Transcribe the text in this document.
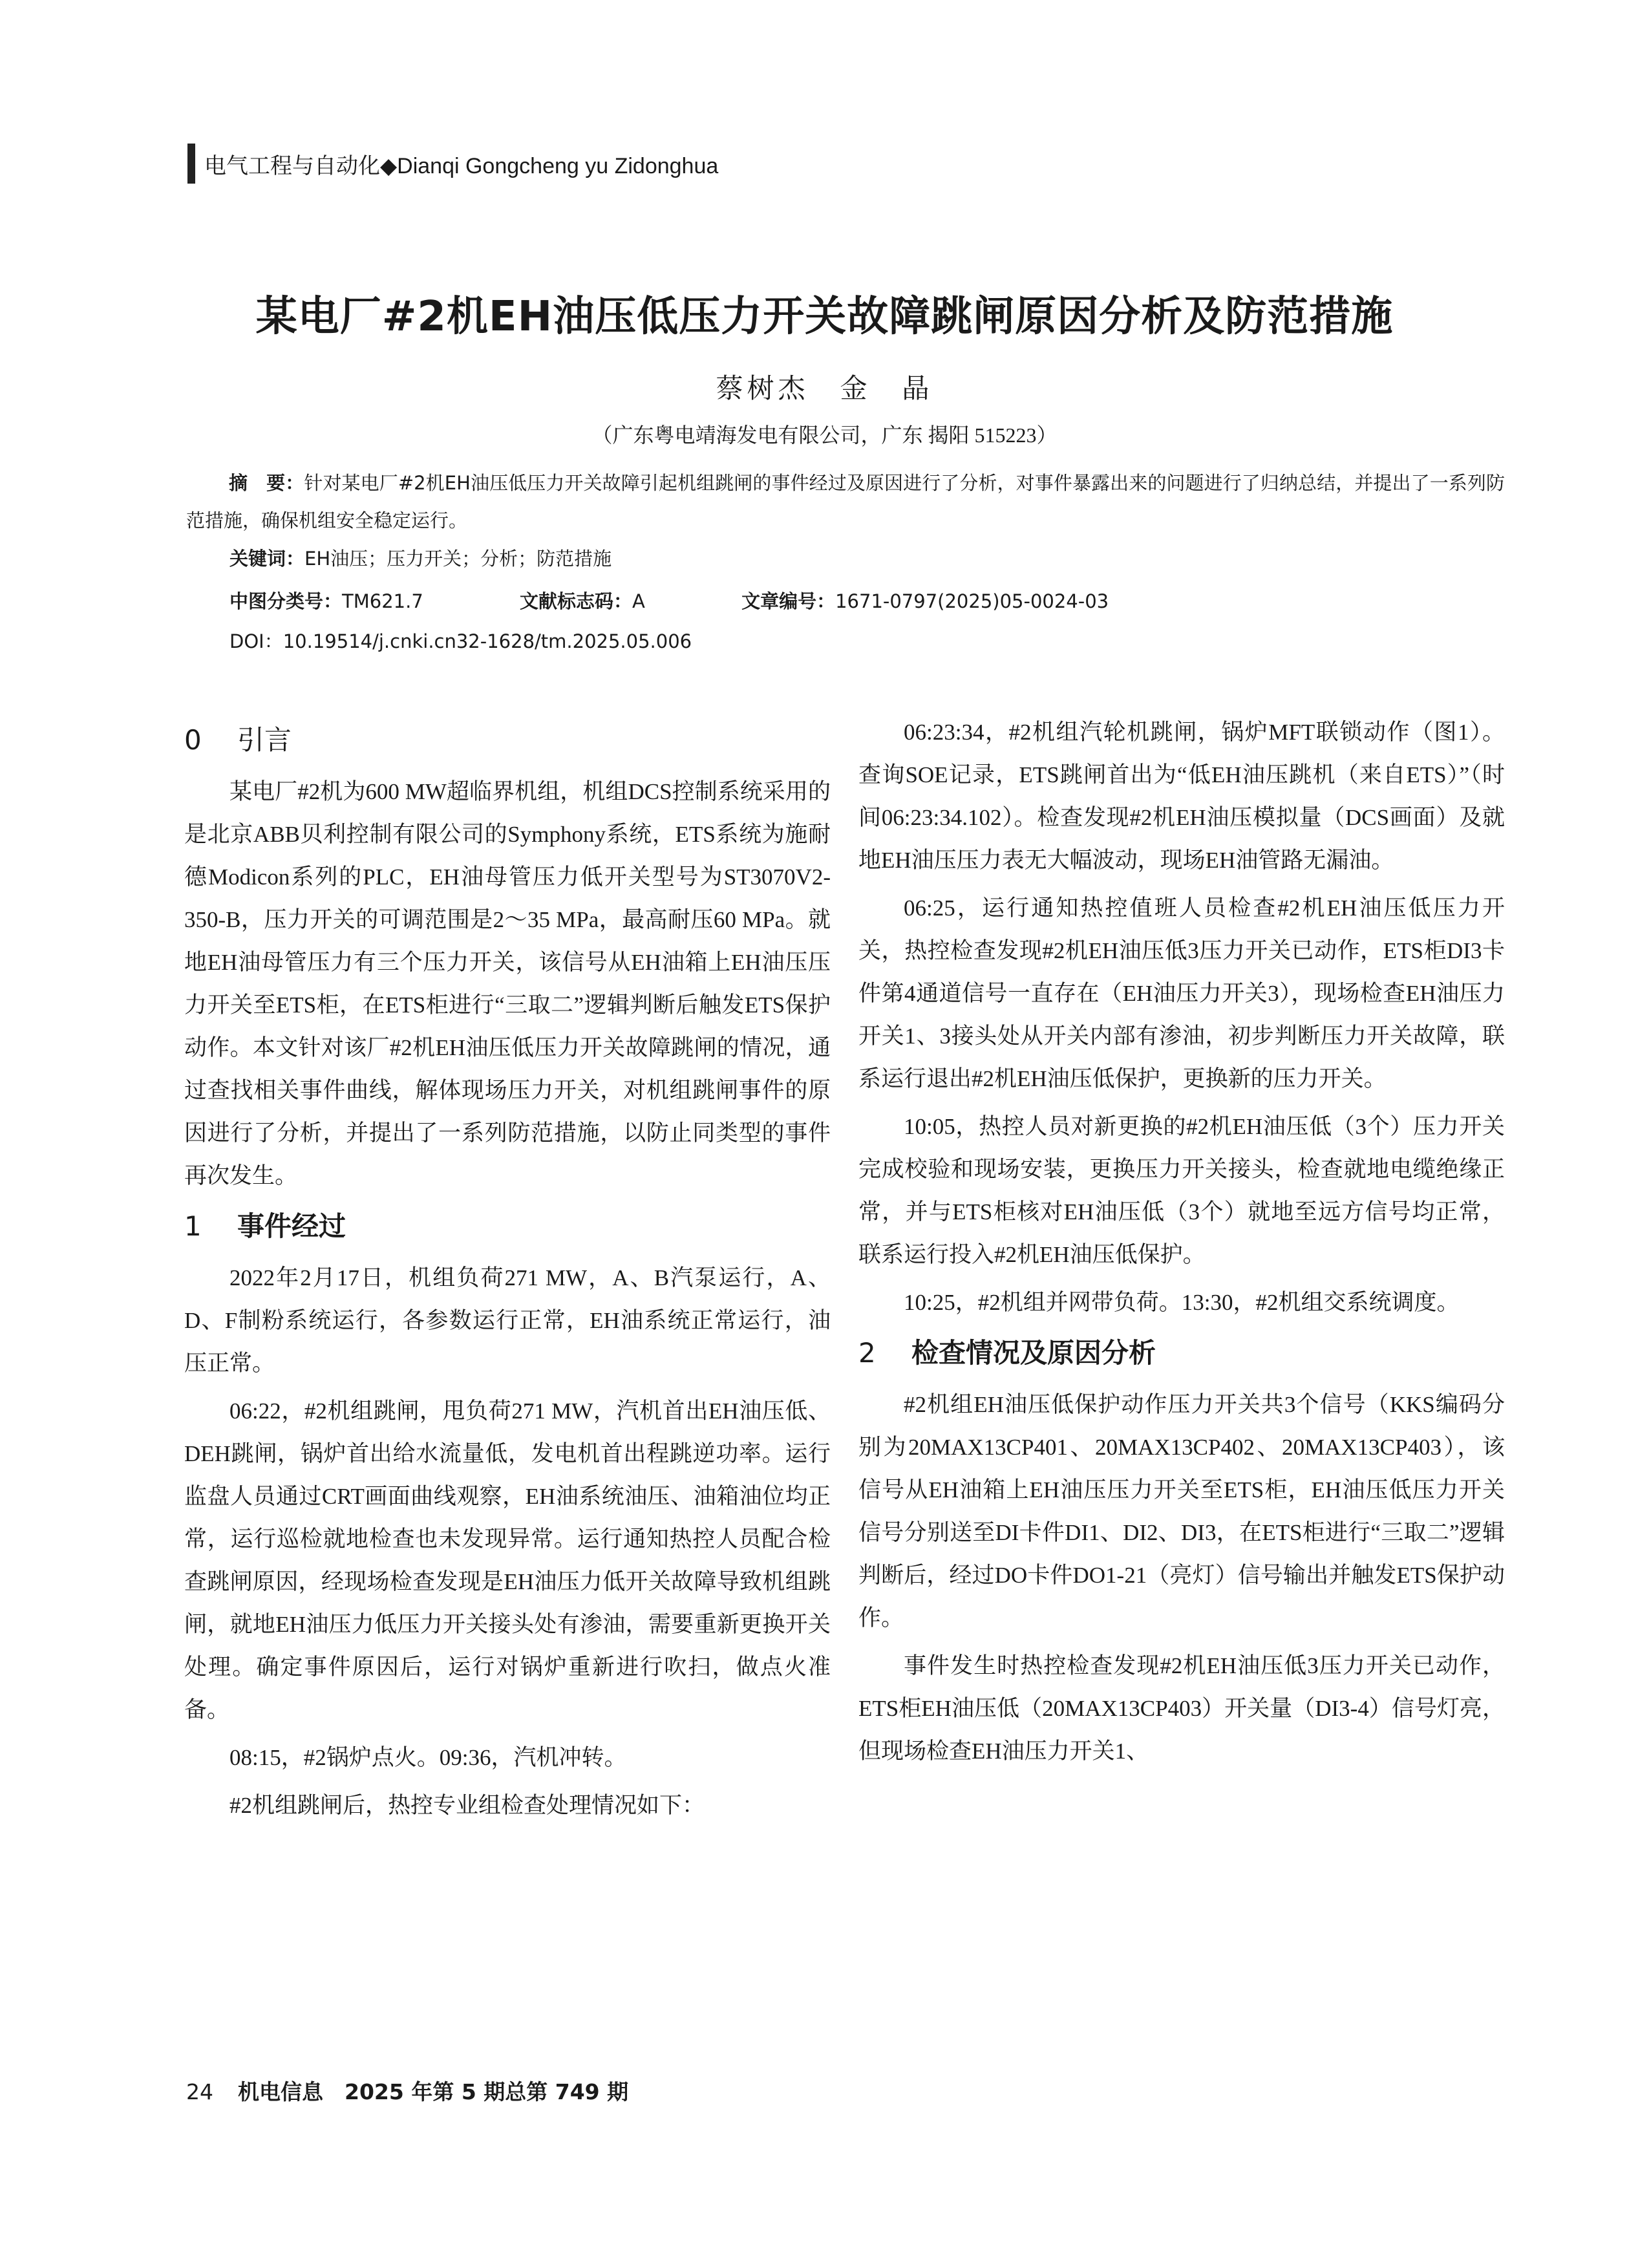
电气工程与自动化◆Dianqi Gongcheng yu Zidonghua
某电厂#2机EH油压低压力开关故障跳闸原因分析及防范措施
蔡树杰　金　晶
（广东粤电靖海发电有限公司，广东 揭阳 515223）
摘　要：针对某电厂#2机EH油压低压力开关故障引起机组跳闸的事件经过及原因进行了分析，对事件暴露出来的问题进行了归纳总结，并提出了一系列防范措施，确保机组安全稳定运行。
关键词：EH油压；压力开关；分析；防范措施
中图分类号：TM621.7	文献标志码：A	文章编号：1671-0797(2025)05-0024-03
DOI：10.19514/j.cnki.cn32-1628/tm.2025.05.006
0 引言

某电厂#2机为600 MW超临界机组，机组DCS控制系统采用的是北京ABB贝利控制有限公司的Symphony系统，ETS系统为施耐德Modicon系列的PLC，EH油母管压力低开关型号为ST3070V2-350-B，压力开关的可调范围是2～35 MPa，最高耐压60 MPa。就地EH油母管压力有三个压力开关，该信号从EH油箱上EH油压压力开关至ETS柜，在ETS柜进行“三取二”逻辑判断后触发ETS保护动作。本文针对该厂#2机EH油压低压力开关故障跳闸的情况，通过查找相关事件曲线，解体现场压力开关，对机组跳闸事件的原因进行了分析，并提出了一系列防范措施，以防止同类型的事件再次发生。

1 事件经过

2022年2月17日，机组负荷271 MW，A、B汽泵运行，A、D、F制粉系统运行，各参数运行正常，EH油系统正常运行，油压正常。

06:22，#2机组跳闸，甩负荷271 MW，汽机首出EH油压低、DEH跳闸，锅炉首出给水流量低，发电机首出程跳逆功率。运行监盘人员通过CRT画面曲线观察，EH油系统油压、油箱油位均正常，运行巡检就地检查也未发现异常。运行通知热控人员配合检查跳闸原因，经现场检查发现是EH油压力低开关故障导致机组跳闸，就地EH油压力低压力开关接头处有渗油，需要重新更换开关处理。确定事件原因后，运行对锅炉重新进行吹扫，做点火准备。

08:15，#2锅炉点火。09:36，汽机冲转。

#2机组跳闸后，热控专业组检查处理情况如下：

06:23:34，#2机组汽轮机跳闸，锅炉MFT联锁动作（图1）。查询SOE记录，ETS跳闸首出为“低EH油压跳机（来自ETS）”（时间06:23:34.102）。检查发现#2机EH油压模拟量（DCS画面）及就地EH油压压力表无大幅波动，现场EH油管路无漏油。

06:25，运行通知热控值班人员检查#2机EH油压低压力开关，热控检查发现#2机EH油压低3压力开关已动作，ETS柜DI3卡件第4通道信号一直存在（EH油压力开关3），现场检查EH油压力开关1、3接头处从开关内部有渗油，初步判断压力开关故障，联系运行退出#2机EH油压低保护，更换新的压力开关。

10:05，热控人员对新更换的#2机EH油压低（3个）压力开关完成校验和现场安装，更换压力开关接头，检查就地电缆绝缘正常，并与ETS柜核对EH油压低（3个）就地至远方信号均正常，联系运行投入#2机EH油压低保护。

10:25，#2机组并网带负荷。13:30，#2机组交系统调度。

2 检查情况及原因分析

#2机组EH油压低保护动作压力开关共3个信号（KKS编码分别为20MAX13CP401、20MAX13CP402、20MAX13CP403），该信号从EH油箱上EH油压压力开关至ETS柜，EH油压低压力开关信号分别送至DI卡件DI1、DI2、DI3，在ETS柜进行“三取二”逻辑判断后，经过DO卡件DO1-21（亮灯）信号输出并触发ETS保护动作。

事件发生时热控检查发现#2机EH油压低3压力开关已动作，ETS柜EH油压低（20MAX13CP403）开关量（DI3-4）信号灯亮，但现场检查EH油压力开关1、

24 机电信息　2025 年第 5 期总第 749 期
